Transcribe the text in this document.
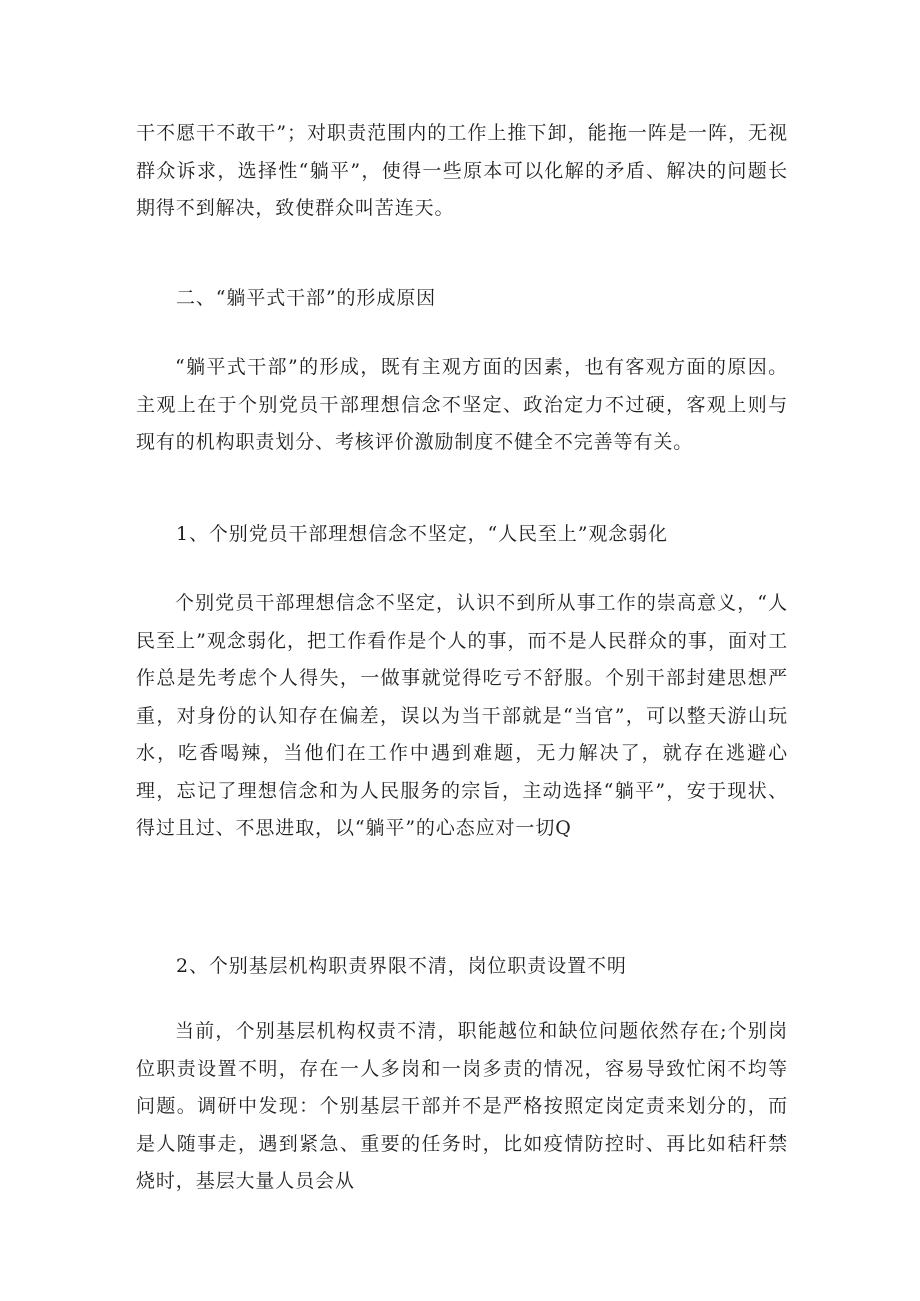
干不愿干不敢干”；对职责范围内的工作上推下卸，能拖一阵是一阵，无视群众诉求，选择性“躺平”，使得一些原本可以化解的矛盾、解决的问题长期得不到解决，致使群众叫苦连天。

二、“躺平式干部”的形成原因

“躺平式干部”的形成，既有主观方面的因素，也有客观方面的原因。主观上在于个别党员干部理想信念不坚定、政治定力不过硬，客观上则与现有的机构职责划分、考核评价激励制度不健全不完善等有关。

1、个别党员干部理想信念不坚定，“人民至上”观念弱化

个别党员干部理想信念不坚定，认识不到所从事工作的崇高意义，“人民至上”观念弱化，把工作看作是个人的事，而不是人民群众的事，面对工作总是先考虑个人得失，一做事就觉得吃亏不舒服。个别干部封建思想严重，对身份的认知存在偏差，误以为当干部就是“当官”，可以整天游山玩水，吃香喝辣，当他们在工作中遇到难题，无力解决了，就存在逃避心理，忘记了理想信念和为人民服务的宗旨，主动选择“躺平”，安于现状、得过且过、不思进取，以“躺平”的心态应对一切Q

2、个别基层机构职责界限不清，岗位职责设置不明

当前，个别基层机构权责不清，职能越位和缺位问题依然存在;个别岗位职责设置不明，存在一人多岗和一岗多责的情况，容易导致忙闲不均等问题。调研中发现：个别基层干部并不是严格按照定岗定责来划分的，而是人随事走，遇到紧急、重要的任务时，比如疫情防控时、再比如秸秆禁烧时，基层大量人员会从
